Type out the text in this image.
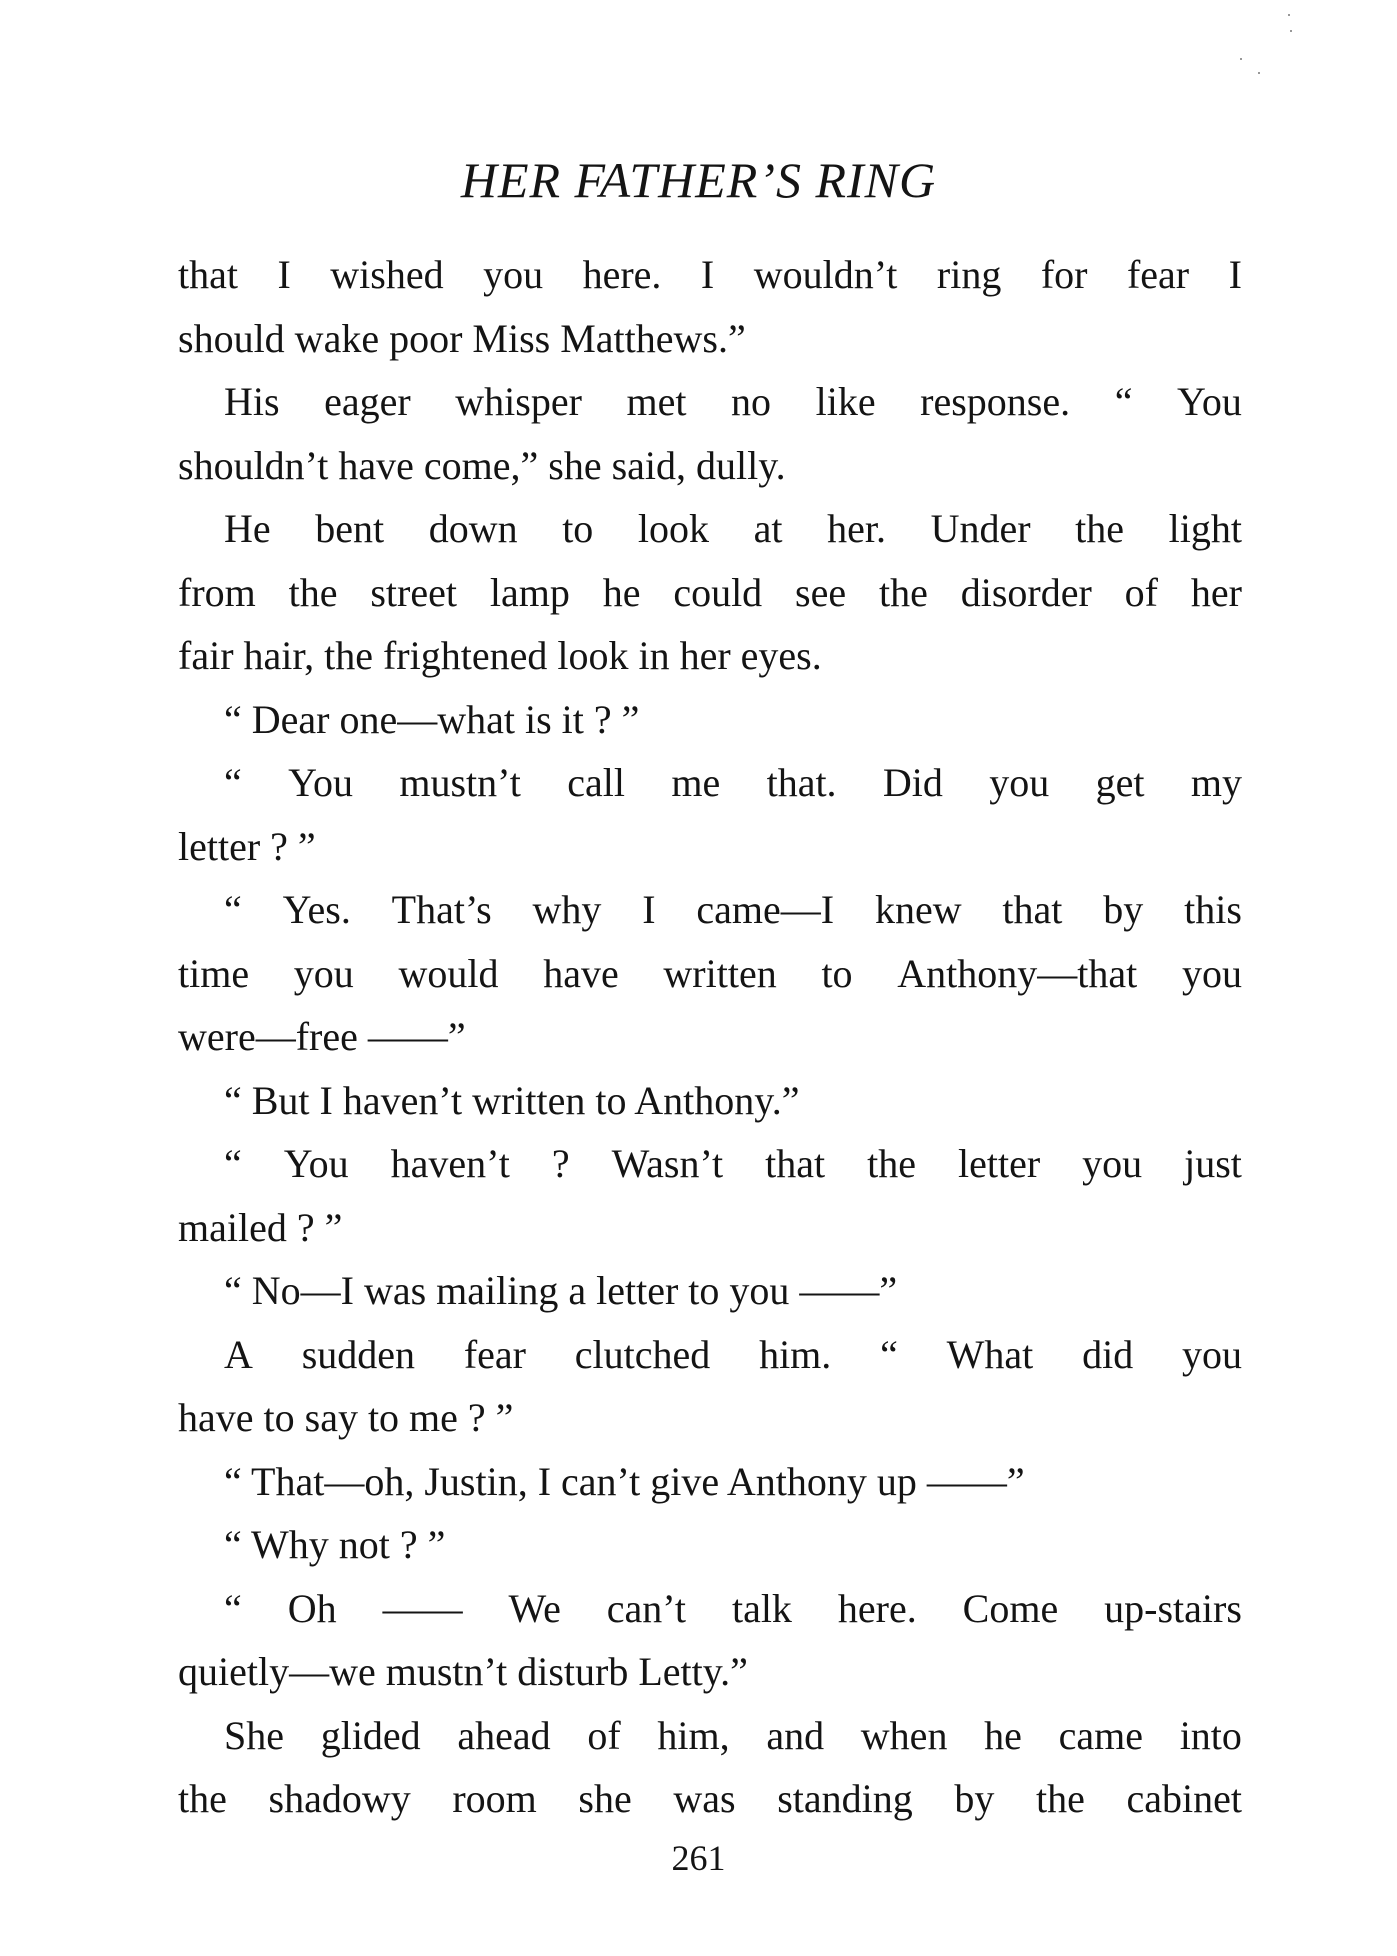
HER FATHER’S RING
that I wished you here. I wouldn’t ring for fear I
should wake poor Miss Matthews.”
His eager whisper met no like response. “ You
shouldn’t have come,” she said, dully.
He bent down to look at her. Under the light
from the street lamp he could see the disorder of her
fair hair, the frightened look in her eyes.
“ Dear one—what is it ? ”
“ You mustn’t call me that. Did you get my
letter ? ”
“ Yes. That’s why I came—I knew that by this
time you would have written to Anthony—that you
were—free ——”
“ But I haven’t written to Anthony.”
“ You haven’t ? Wasn’t that the letter you just
mailed ? ”
“ No—I was mailing a letter to you ——”
A sudden fear clutched him. “ What did you
have to say to me ? ”
“ That—oh, Justin, I can’t give Anthony up ——”
“ Why not ? ”
“ Oh —— We can’t talk here. Come up-stairs
quietly—we mustn’t disturb Letty.”
She glided ahead of him, and when he came into
the shadowy room she was standing by the cabinet
261
